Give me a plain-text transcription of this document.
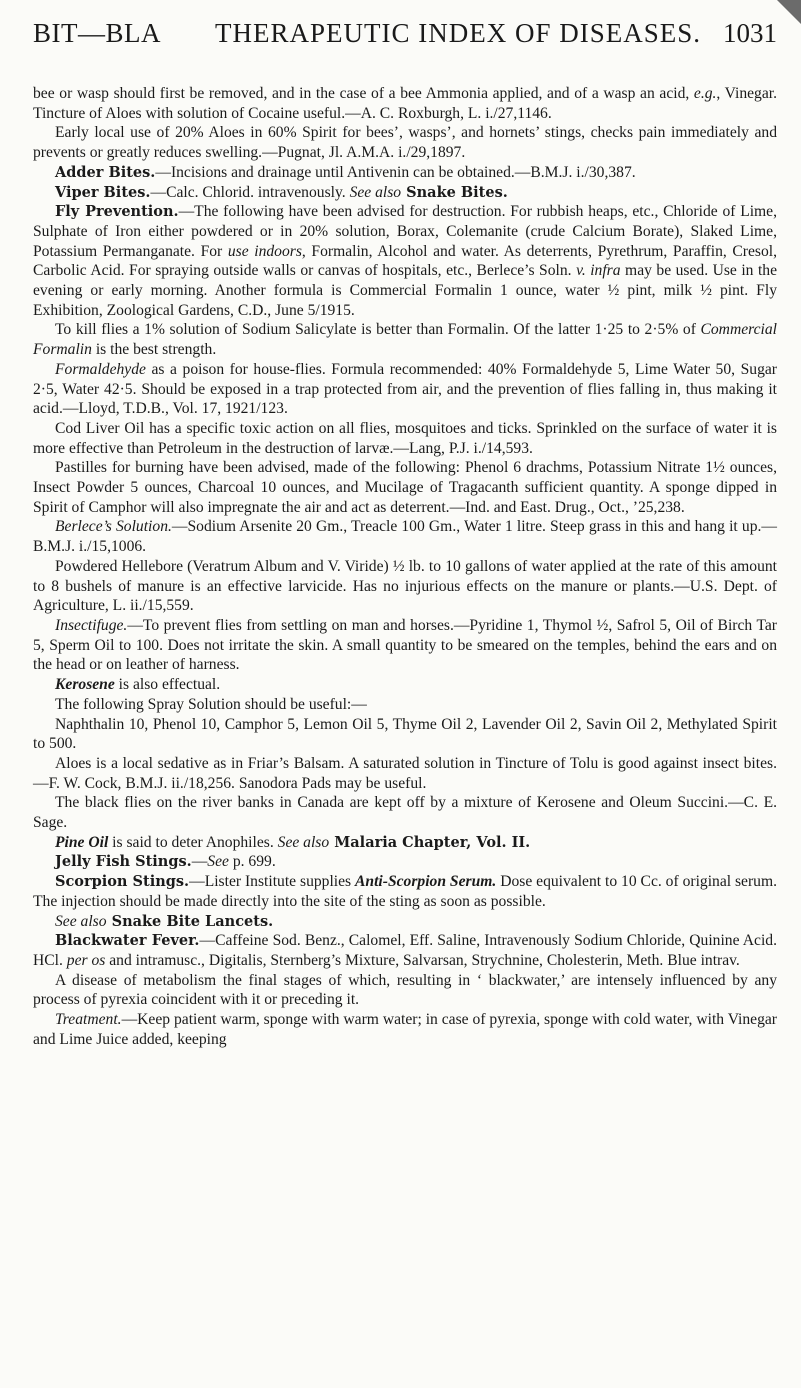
BIT—BLA THERAPEUTIC INDEX OF DISEASES. 1031

bee or wasp should first be removed, and in the case of a bee Ammonia applied, and of a wasp an acid, e.g., Vinegar. Tincture of Aloes with solution of Cocaine useful.—A. C. Roxburgh, L. i./27,1146.

Early local use of 20% Aloes in 60% Spirit for bees’, wasps’, and hornets’ stings, checks pain immediately and prevents or greatly reduces swelling.—Pugnat, Jl. A.M.A. i./29,1897.

Adder Bites.—Incisions and drainage until Antivenin can be obtained.—B.M.J. i./30,387.

Viper Bites.—Calc. Chlorid. intravenously. See also Snake Bites.

Fly Prevention.—The following have been advised for destruction. For rubbish heaps, etc., Chloride of Lime, Sulphate of Iron either powdered or in 20% solution, Borax, Colemanite (crude Calcium Borate), Slaked Lime, Potassium Permanganate. For use indoors, Formalin, Alcohol and water. As deterrents, Pyrethrum, Paraffin, Cresol, Carbolic Acid. For spraying outside walls or canvas of hospitals, etc., Berlece’s Soln. v. infra may be used. Use in the evening or early morning. Another formula is Commercial Formalin 1 ounce, water ½ pint, milk ½ pint. Fly Exhibition, Zoological Gardens, C.D., June 5/1915.

To kill flies a 1% solution of Sodium Salicylate is better than Formalin. Of the latter 1·25 to 2·5% of Commercial Formalin is the best strength.

Formaldehyde as a poison for house-flies. Formula recommended: 40% Formaldehyde 5, Lime Water 50, Sugar 2·5, Water 42·5. Should be exposed in a trap protected from air, and the prevention of flies falling in, thus making it acid.—Lloyd, T.D.B., Vol. 17, 1921/123.

Cod Liver Oil has a specific toxic action on all flies, mosquitoes and ticks. Sprinkled on the surface of water it is more effective than Petroleum in the destruction of larvæ.—Lang, P.J. i./14,593.

Pastilles for burning have been advised, made of the following: Phenol 6 drachms, Potassium Nitrate 1½ ounces, Insect Powder 5 ounces, Charcoal 10 ounces, and Mucilage of Tragacanth sufficient quantity. A sponge dipped in Spirit of Camphor will also impregnate the air and act as deterrent.—Ind. and East. Drug., Oct., ’25,238.

Berlece’s Solution.—Sodium Arsenite 20 Gm., Treacle 100 Gm., Water 1 litre. Steep grass in this and hang it up.—B.M.J. i./15,1006.

Powdered Hellebore (Veratrum Album and V. Viride) ½ lb. to 10 gallons of water applied at the rate of this amount to 8 bushels of manure is an effective larvicide. Has no injurious effects on the manure or plants.—U.S. Dept. of Agriculture, L. ii./15,559.

Insectifuge.—To prevent flies from settling on man and horses.—Pyridine 1, Thymol ½, Safrol 5, Oil of Birch Tar 5, Sperm Oil to 100. Does not irritate the skin. A small quantity to be smeared on the temples, behind the ears and on the head or on leather of harness.

Kerosene is also effectual.

The following Spray Solution should be useful:—

Naphthalin 10, Phenol 10, Camphor 5, Lemon Oil 5, Thyme Oil 2, Lavender Oil 2, Savin Oil 2, Methylated Spirit to 500.

Aloes is a local sedative as in Friar’s Balsam. A saturated solution in Tincture of Tolu is good against insect bites.—F. W. Cock, B.M.J. ii./18,256. Sanodora Pads may be useful.

The black flies on the river banks in Canada are kept off by a mixture of Kerosene and Oleum Succini.—C. E. Sage.

Pine Oil is said to deter Anophiles. See also Malaria Chapter, Vol. II.

Jelly Fish Stings.—See p. 699.

Scorpion Stings.—Lister Institute supplies Anti-Scorpion Serum. Dose equivalent to 10 Cc. of original serum. The injection should be made directly into the site of the sting as soon as possible.

See also Snake Bite Lancets.

Blackwater Fever.—Caffeine Sod. Benz., Calomel, Eff. Saline, Intravenously Sodium Chloride, Quinine Acid. HCl. per os and intramusc., Digitalis, Sternberg’s Mixture, Salvarsan, Strychnine, Cholesterin, Meth. Blue intrav.

A disease of metabolism the final stages of which, resulting in ‘ blackwater,’ are intensely influenced by any process of pyrexia coincident with it or preceding it.

Treatment.—Keep patient warm, sponge with warm water; in case of pyrexia, sponge with cold water, with Vinegar and Lime Juice added, keeping
